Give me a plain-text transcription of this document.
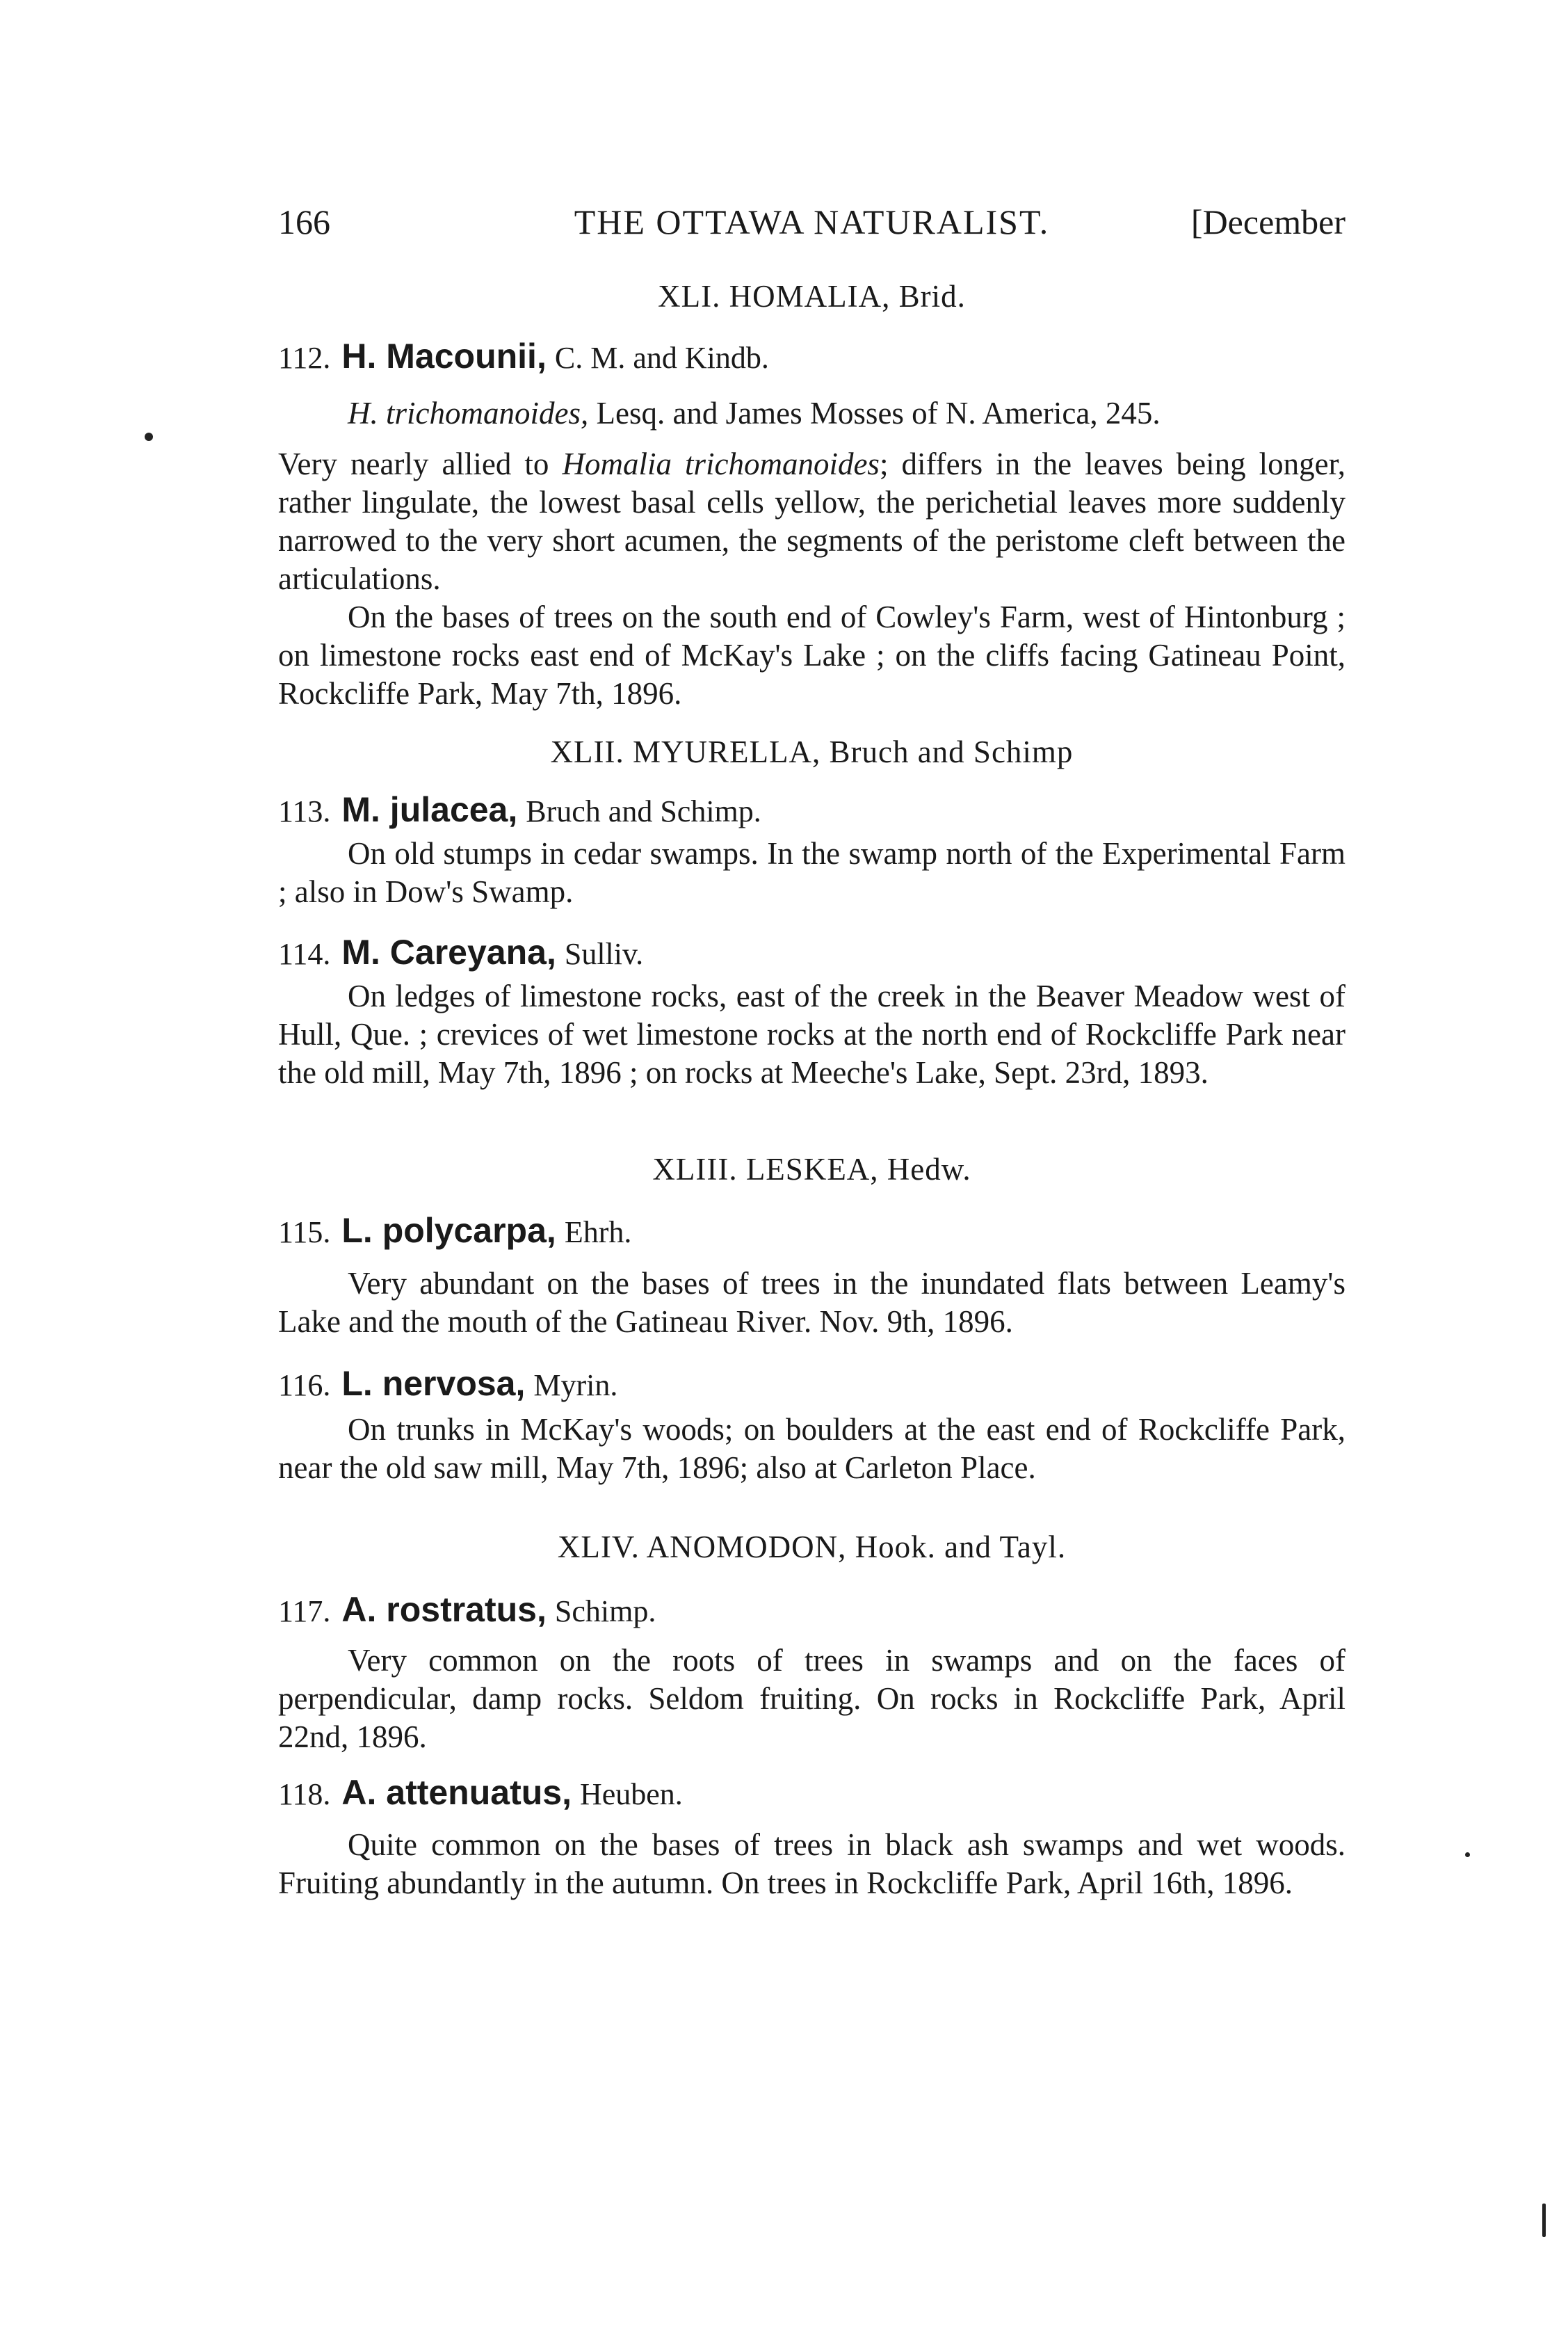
166	THE OTTAWA NATURALIST.	[December
XLI. HOMALIA, Brid.
112. H. Macounii, C. M. and Kindb.
H. trichomanoides, Lesq. and James Mosses of N. America, 245.
Very nearly allied to Homalia trichomanoides; differs in the leaves being longer, rather lingulate, the lowest basal cells yellow, the perichetial leaves more suddenly narrowed to the very short acumen, the segments of the peristome cleft between the articulations.
On the bases of trees on the south end of Cowley's Farm, west of Hintonburg ; on limestone rocks east end of McKay's Lake ; on the cliffs facing Gatineau Point, Rockcliffe Park, May 7th, 1896.
XLII. MYURELLA, Bruch and Schimp
113. M. julacea, Bruch and Schimp.
On old stumps in cedar swamps. In the swamp north of the Experimental Farm ; also in Dow's Swamp.
114. M. Careyana, Sulliv.
On ledges of limestone rocks, east of the creek in the Beaver Meadow west of Hull, Que. ; crevices of wet limestone rocks at the north end of Rockcliffe Park near the old mill, May 7th, 1896 ; on rocks at Meeche's Lake, Sept. 23rd, 1893.
XLIII. LESKEA, Hedw.
115. L. polycarpa, Ehrh.
Very abundant on the bases of trees in the inundated flats between Leamy's Lake and the mouth of the Gatineau River. Nov. 9th, 1896.
116. L. nervosa, Myrin.
On trunks in McKay's woods; on boulders at the east end of Rockcliffe Park, near the old saw mill, May 7th, 1896; also at Carleton Place.
XLIV. ANOMODON, Hook. and Tayl.
117. A. rostratus, Schimp.
Very common on the roots of trees in swamps and on the faces of perpendicular, damp rocks. Seldom fruiting. On rocks in Rockcliffe Park, April 22nd, 1896.
118. A. attenuatus, Heuben.
Quite common on the bases of trees in black ash swamps and wet woods. Fruiting abundantly in the autumn. On trees in Rockcliffe Park, April 16th, 1896.
